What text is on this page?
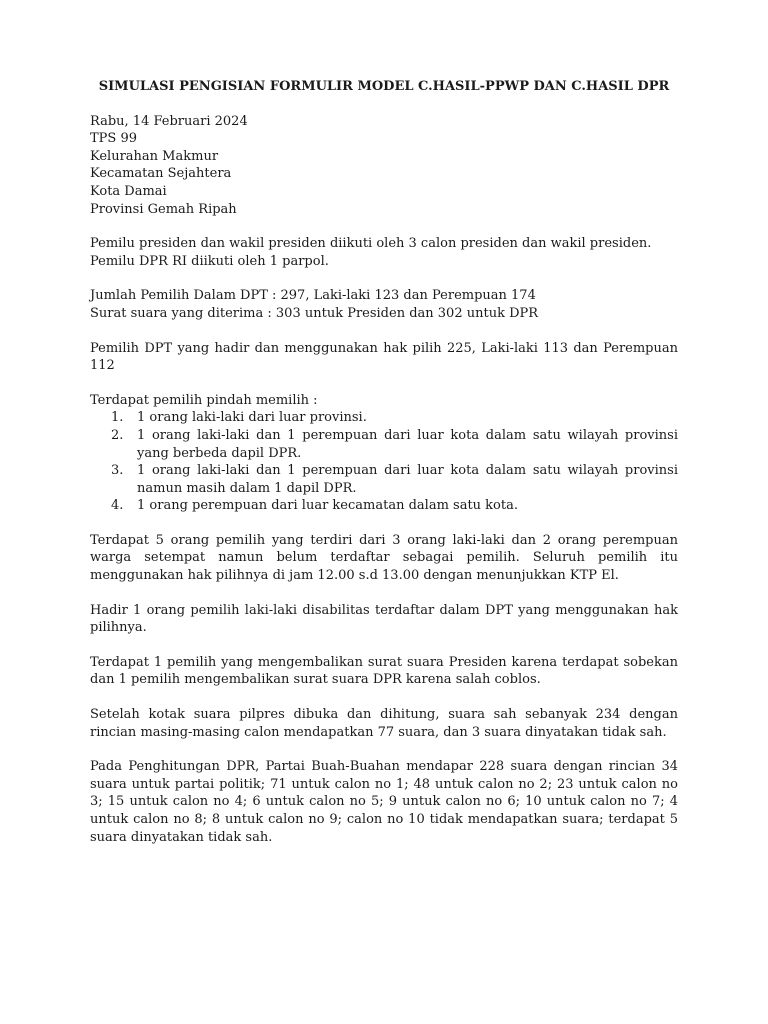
SIMULASI PENGISIAN FORMULIR MODEL C.HASIL-PPWP DAN C.HASIL DPR
Rabu, 14 Februari 2024
TPS 99
Kelurahan Makmur
Kecamatan Sejahtera
Kota Damai
Provinsi Gemah Ripah
Pemilu presiden dan wakil presiden diikuti oleh 3 calon presiden dan wakil presiden.
Pemilu DPR RI diikuti oleh 1 parpol.
Jumlah Pemilih Dalam DPT : 297, Laki-laki 123 dan Perempuan 174
Surat suara yang diterima : 303 untuk Presiden dan 302 untuk DPR
Pemilih DPT yang hadir dan menggunakan hak pilih 225, Laki-laki 113 dan Perempuan 112
Terdapat pemilih pindah memilih :
1. 1 orang laki-laki dari luar provinsi.
2. 1 orang laki-laki dan 1 perempuan dari luar kota dalam satu wilayah provinsi yang berbeda dapil DPR.
3. 1 orang laki-laki dan 1 perempuan dari luar kota dalam satu wilayah provinsi namun masih dalam 1 dapil DPR.
4. 1 orang perempuan dari luar kecamatan dalam satu kota.
Terdapat 5 orang pemilih yang terdiri dari 3 orang laki-laki dan 2 orang perempuan warga setempat namun belum terdaftar sebagai pemilih. Seluruh pemilih itu menggunakan hak pilihnya di jam 12.00 s.d 13.00 dengan menunjukkan KTP El.
Hadir 1 orang pemilih laki-laki disabilitas terdaftar dalam DPT yang menggunakan hak pilihnya.
Terdapat 1 pemilih yang mengembalikan surat suara Presiden karena terdapat sobekan dan 1 pemilih mengembalikan surat suara DPR karena salah coblos.
Setelah kotak suara pilpres dibuka dan dihitung, suara sah sebanyak 234 dengan rincian masing-masing calon mendapatkan 77 suara, dan 3 suara dinyatakan tidak sah.
Pada Penghitungan DPR, Partai Buah-Buahan mendapar 228 suara dengan rincian 34 suara untuk partai politik; 71 untuk calon no 1; 48 untuk calon no 2; 23 untuk calon no 3; 15 untuk calon no 4; 6 untuk calon no 5; 9 untuk calon no 6; 10 untuk calon no 7; 4 untuk calon no 8; 8 untuk calon no 9; calon no 10 tidak mendapatkan suara; terdapat 5 suara dinyatakan tidak sah.
